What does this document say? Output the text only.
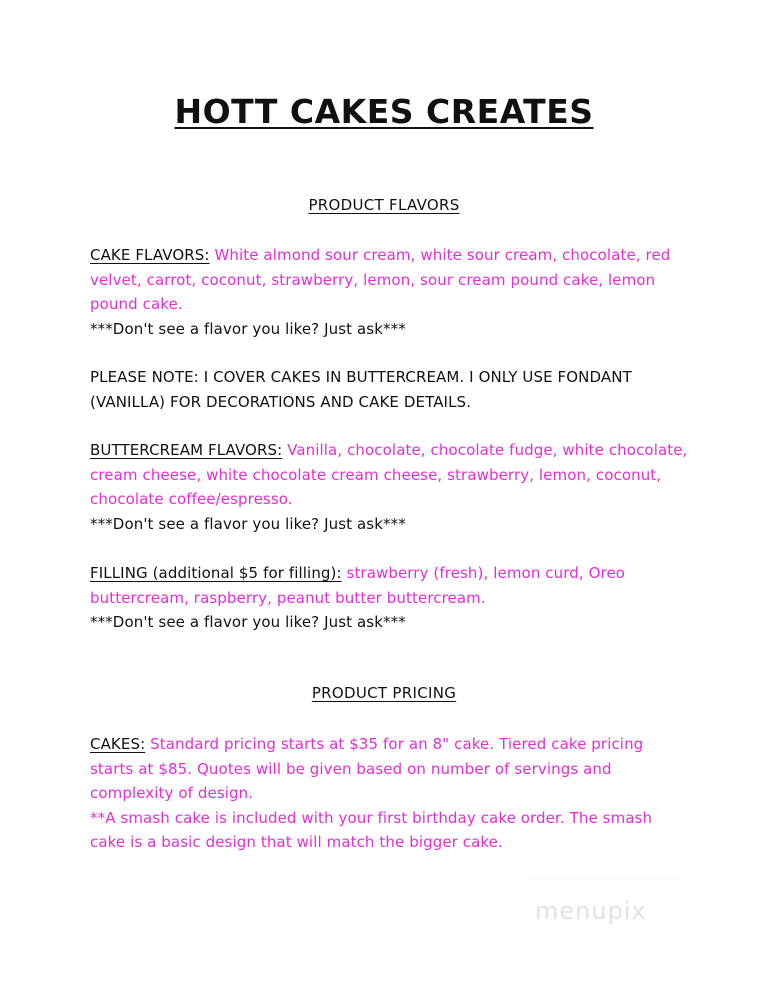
HOTT CAKES CREATES
PRODUCT FLAVORS
CAKE FLAVORS: White almond sour cream, white sour cream, chocolate, red velvet, carrot, coconut, strawberry, lemon, sour cream pound cake, lemon pound cake.
***Don't see a flavor you like? Just ask***
PLEASE NOTE: I COVER CAKES IN BUTTERCREAM. I ONLY USE FONDANT (VANILLA) FOR DECORATIONS AND CAKE DETAILS.
BUTTERCREAM FLAVORS: Vanilla, chocolate, chocolate fudge, white chocolate, cream cheese, white chocolate cream cheese, strawberry, lemon, coconut, chocolate coffee/espresso.
***Don't see a flavor you like? Just ask***
FILLING (additional $5 for filling): strawberry (fresh), lemon curd, Oreo buttercream, raspberry, peanut butter buttercream.
***Don't see a flavor you like? Just ask***
PRODUCT PRICING
CAKES: Standard pricing starts at $35 for an 8" cake. Tiered cake pricing starts at $85. Quotes will be given based on number of servings and complexity of design.
**A smash cake is included with your first birthday cake order. The smash cake is a basic design that will match the bigger cake.
menupix
